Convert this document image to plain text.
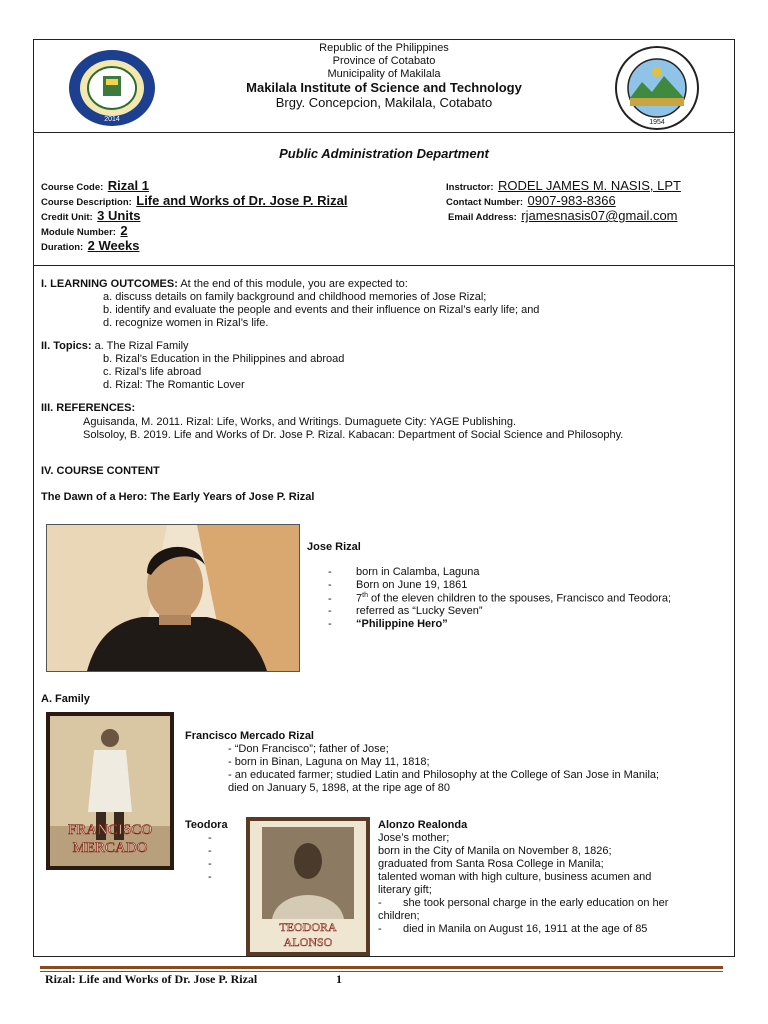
2014	1954
Republic of the Philippines
Province of Cotabato
Municipality of Makilala
Makilala Institute of Science and Technology
Brgy. Concepcion, Makilala, Cotabato
Public Administration Department
Course Code: Rizal 1
Course Description: Life and Works of Dr. Jose P. Rizal
Credit Unit: 3 Units
Module Number: 2
Duration: 2 Weeks
Instructor: RODEL JAMES M. NASIS, LPT
Contact Number: 0907-983-8366
Email Address: rjamesnasis07@gmail.com
I. LEARNING OUTCOMES: At the end of this module, you are expected to:
a. discuss details on family background and childhood memories of Jose Rizal;
b. identify and evaluate the people and events and their influence on Rizal’s early life; and
d. recognize women in Rizal’s life.
II. Topics: a. The Rizal Family
b. Rizal’s Education in the Philippines and abroad
c. Rizal’s life abroad
d. Rizal: The Romantic Lover
III. REFERENCES:
Aguisanda, M. 2011. Rizal: Life, Works, and Writings. Dumaguete City: YAGE Publishing.
Solsoloy, B. 2019. Life and Works of Dr. Jose P. Rizal. Kabacan: Department of Social Science and Philosophy.
IV. COURSE CONTENT
The Dawn of a Hero: The Early Years of Jose P. Rizal
Jose Rizal
- born in Calamba, Laguna
- Born on June 19, 1861
- 7th of the eleven children to the spouses, Francisco and Teodora;
- referred as “Lucky Seven”
- “Philippine Hero”
A. Family
FRANCISCO
MERCADO
Francisco Mercado Rizal
- “Don Francisco”; father of Jose;
- born in Binan, Laguna on May 11, 1818;
- an educated farmer; studied Latin and Philosophy at the College of San Jose in Manila;
died on January 5, 1898, at the ripe age of 80
Teodora
-
-
-
-
TEODORA
ALONSO
Alonzo Realonda
Jose’s mother;
born in the City of Manila on November 8, 1826;
graduated from Santa Rosa College in Manila;
talented woman with high culture, business acumen and
literary gift;
- she took personal charge in the early education on her
children;
- died in Manila on August 16, 1911 at the age of 85
Rizal: Life and Works of Dr. Jose P. Rizal	1
